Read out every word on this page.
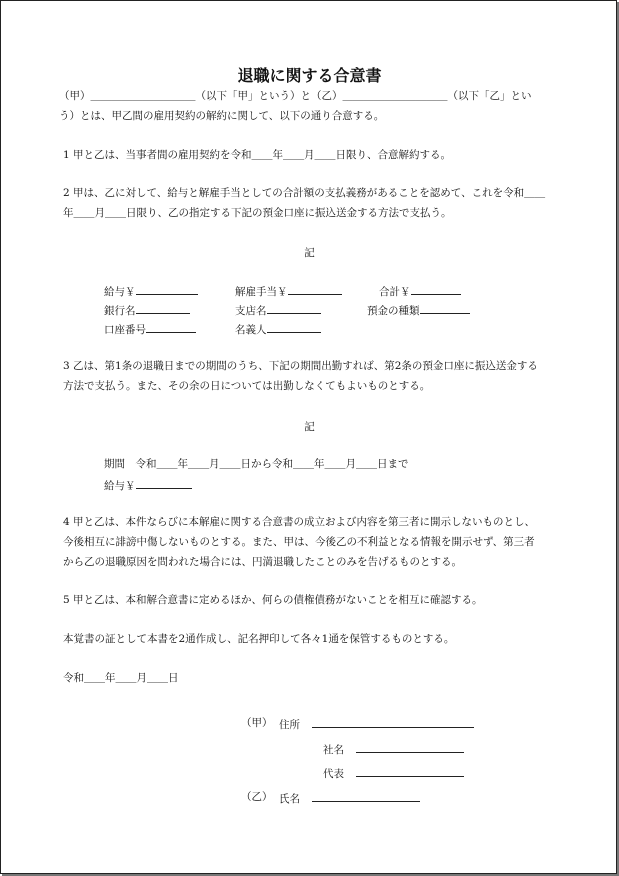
退職に関する合意書
（甲）＿＿＿＿＿＿＿＿＿＿（以下「甲」という）と（乙）＿＿＿＿＿＿＿＿＿＿（以下「乙」とい
う）とは、甲乙間の雇用契約の解約に関して、以下の通り合意する。
1 甲と乙は、当事者間の雇用契約を令和＿＿年＿＿月＿＿日限り、合意解約する。
2 甲は、乙に対して、給与と解雇手当としての合計額の支払義務があることを認めて、これを令和＿＿
年＿＿月＿＿日限り、乙の指定する下記の預金口座に振込送金する方法で支払う。
記
給与￥	解雇手当￥	合計￥
銀行名	支店名	預金の種類
口座番号	名義人
3 乙は、第1条の退職日までの期間のうち、下記の期間出勤すれば、第2条の預金口座に振込送金する
方法で支払う。また、その余の日については出勤しなくてもよいものとする。
記
期間　令和＿＿年＿＿月＿＿日から令和＿＿年＿＿月＿＿日まで
給与￥
4 甲と乙は、本件ならびに本解雇に関する合意書の成立および内容を第三者に開示しないものとし、
今後相互に誹謗中傷しないものとする。また、甲は、今後乙の不利益となる情報を開示せず、第三者
から乙の退職原因を問われた場合には、円満退職したことのみを告げるものとする。
5 甲と乙は、本和解合意書に定めるほか、何らの債権債務がないことを相互に確認する。
本覚書の証として本書を2通作成し、記名押印して各々1通を保管するものとする。
令和＿＿年＿＿月＿＿日
（甲） 住所
社名
代表
（乙） 氏名
